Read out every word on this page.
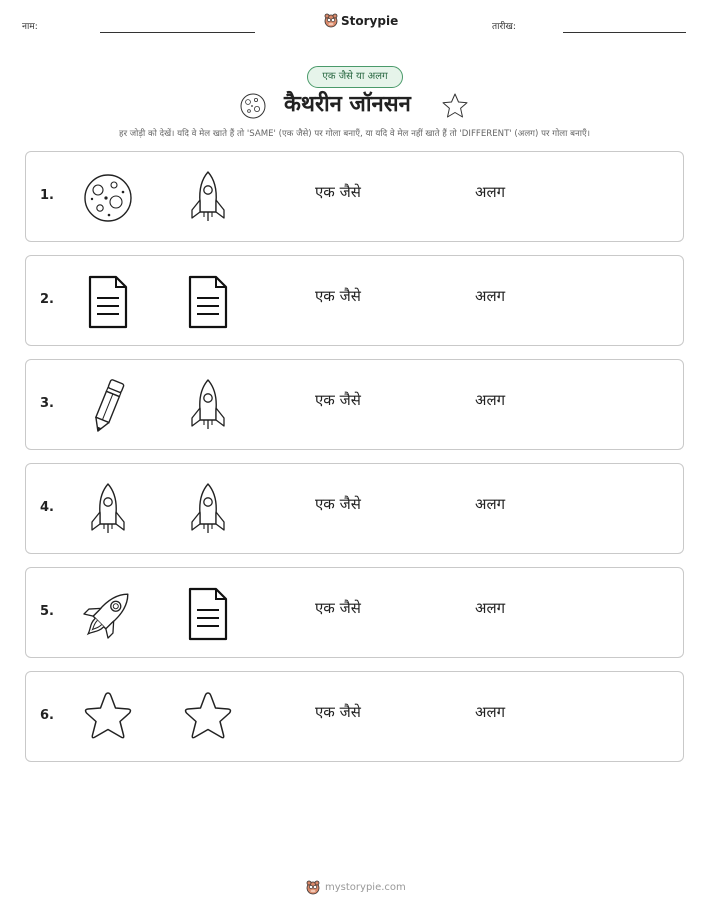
नाम:	Storypie	तारीख:
एक जैसे या अलग
कैथरीन जॉनसन
हर जोड़ी को देखें। यदि वे मेल खाते हैं तो 'SAME' (एक जैसे) पर गोला बनाएँ, या यदि वे मेल नहीं खाते हैं तो 'DIFFERENT' (अलग) पर गोला बनाएँ।
1.	एक जैसे	अलग
2.	एक जैसे	अलग
3.	एक जैसे	अलग
4.	एक जैसे	अलग
5.	एक जैसे	अलग
6.	एक जैसे	अलग
mystorypie.com
